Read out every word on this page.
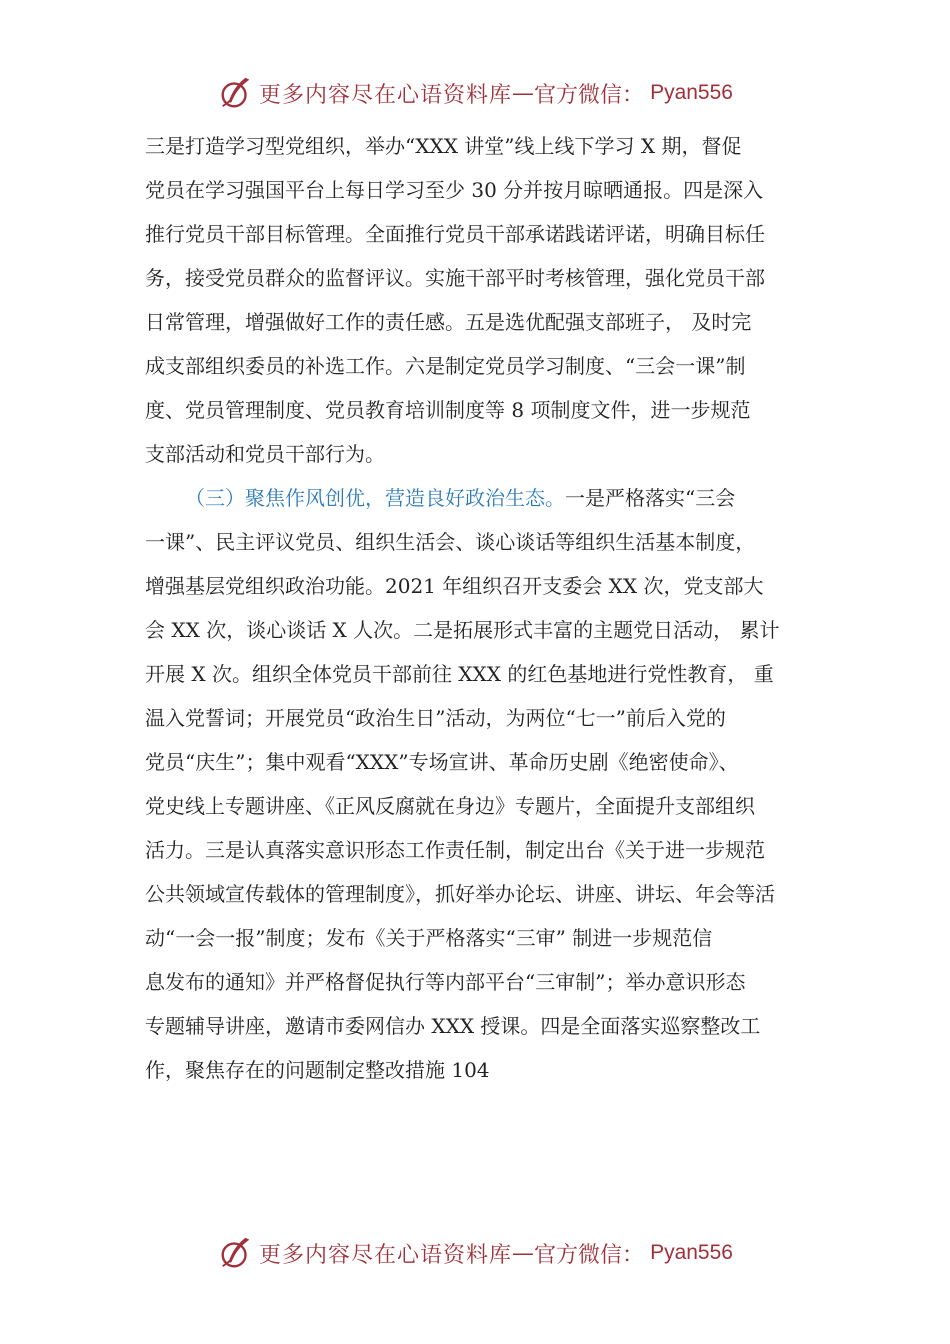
更多内容尽在心语资料库 — 官方微信： Pyan556
三是打造学习型党组织，举办“XXX 讲堂”线上线下学习 X 期，督促
党员在学习强国平台上每日学习至少 30 分并按月晾晒通报。四是深入
推行党员干部目标管理。全面推行党员干部承诺践诺评诺，明确目标任
务，接受党员群众的监督评议。实施干部平时考核管理，强化党员干部
日常管理，增强做好工作的责任感。五是选优配强支部班子， 及时完
成支部组织委员的补选工作。六是制定党员学习制度、“三会一课”制
度、党员管理制度、党员教育培训制度等 8 项制度文件，进一步规范
支部活动和党员干部行为。
（三）聚焦作风创优，营造良好政治生态。一是严格落实“三会
一课”、民主评议党员、组织生活会、谈心谈话等组织生活基本制度，
增强基层党组织政治功能。2021 年组织召开支委会 XX 次，党支部大
会 XX 次，谈心谈话 X 人次。二是拓展形式丰富的主题党日活动， 累计
开展 X 次。组织全体党员干部前往 XXX 的红色基地进行党性教育， 重
温入党誓词；开展党员“政治生日”活动，为两位“七一”前后入党的
党员“庆生”；集中观看“XXX”专场宣讲、革命历史剧《绝密使命》、
党史线上专题讲座、《正风反腐就在身边》专题片，全面提升支部组织
活力。三是认真落实意识形态工作责任制，制定出台《关于进一步规范
公共领域宣传载体的管理制度》，抓好举办论坛、讲座、讲坛、年会等活
动“一会一报”制度；发布《关于严格落实“三审” 制进一步规范信
息发布的通知》并严格督促执行等内部平台“三审制”；举办意识形态
专题辅导讲座，邀请市委网信办 XXX 授课。四是全面落实巡察整改工
作，聚焦存在的问题制定整改措施 104
更多内容尽在心语资料库 — 官方微信： Pyan556
